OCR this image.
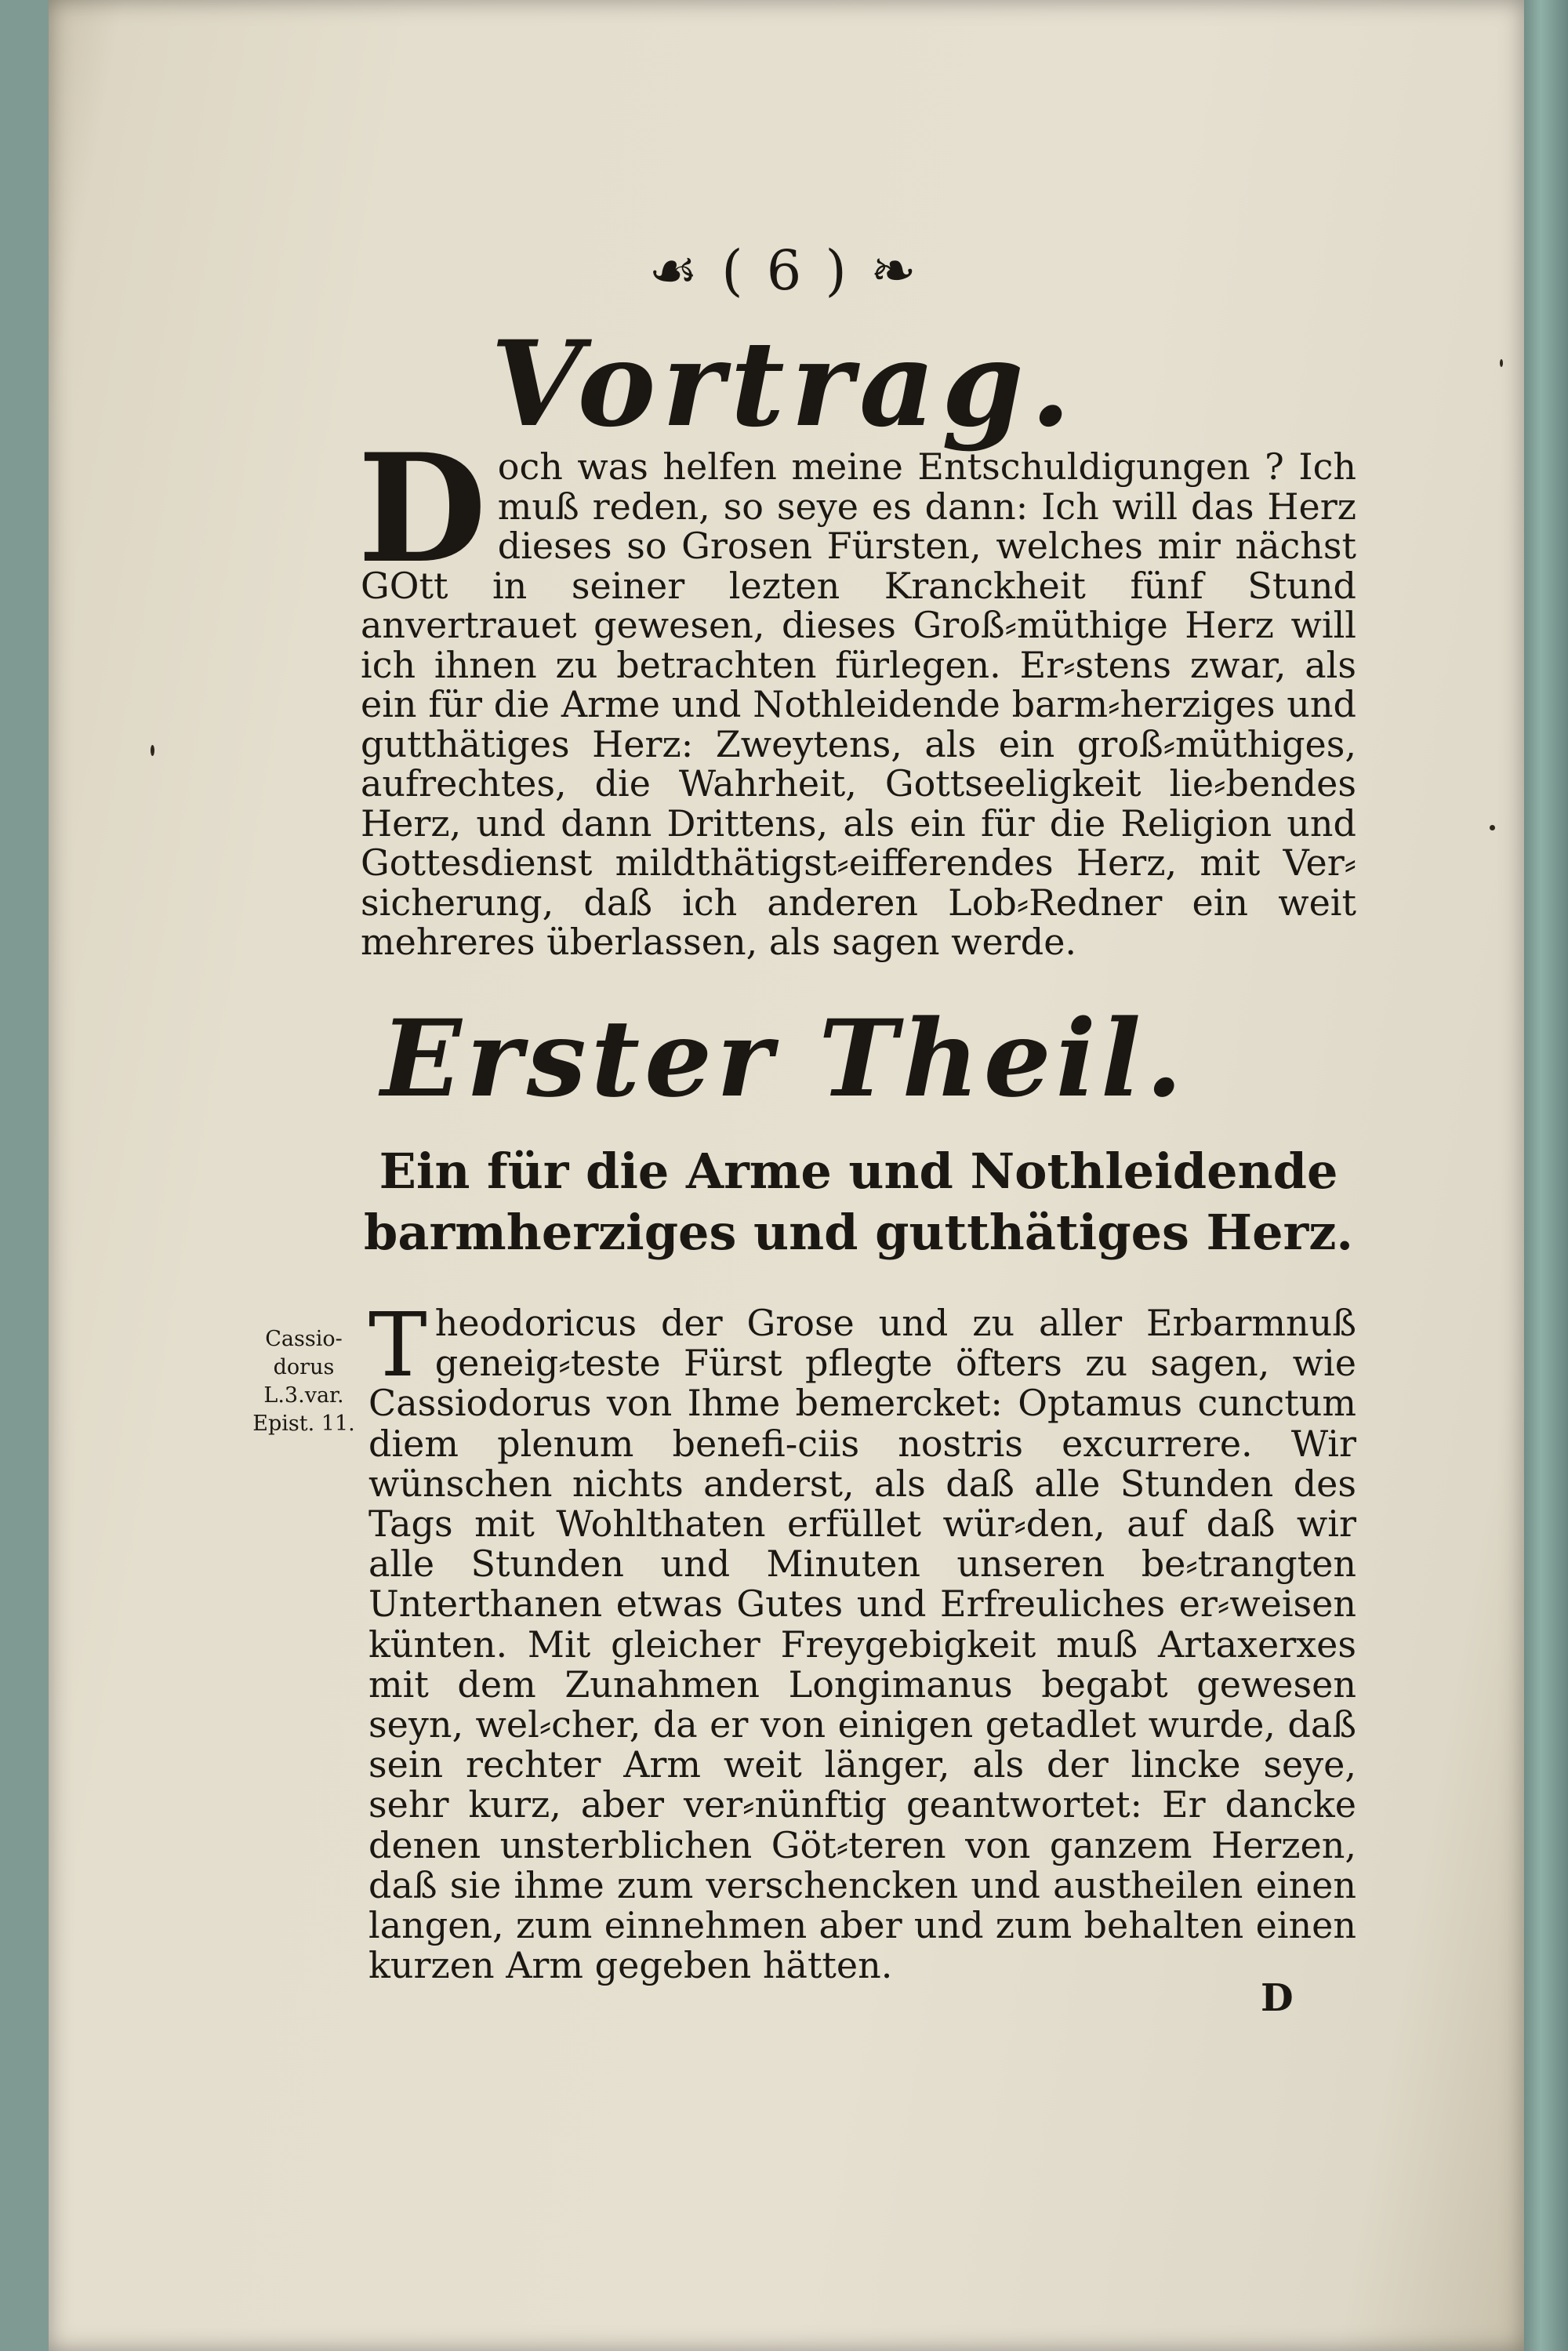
☙ ( 6 ) ❧
Vortrag.
D och was helfen meine Entschuldigungen ? Ich muß reden, so seye es dann: Ich will das Herz dieses so Grosen Fürsten, welches mir nächst GOtt in seiner lezten Kranckheit fünf Stund anvertrauet gewesen, dieses Groß⸗müthige Herz will ich ihnen zu betrachten fürlegen. Er⸗stens zwar, als ein für die Arme und Nothleidende barm⸗herziges und gutthätiges Herz: Zweytens, als ein groß⸗müthiges, aufrechtes, die Wahrheit, Gottseeligkeit lie⸗bendes Herz, und dann Drittens, als ein für die Religion und Gottesdienst mildthätigst⸗eifferendes Herz, mit Ver⸗sicherung, daß ich anderen Lob⸗Redner ein weit mehreres überlassen, als sagen werde.
Erster Theil.
Ein für die Arme und Nothleidende barmherziges und gutthätiges Herz.
Cassio-
dorus
L.3.var.
Epist. 11.
T heodoricus der Grose und zu aller Erbarmnuß geneig⸗teste Fürst pflegte öfters zu sagen, wie Cassiodorus von Ihme bemercket: Optamus cunctum diem plenum benefi-ciis nostris excurrere. Wir wünschen nichts anderst, als daß alle Stunden des Tags mit Wohlthaten erfüllet wür⸗den, auf daß wir alle Stunden und Minuten unseren be⸗trangten Unterthanen etwas Gutes und Erfreuliches er⸗weisen künten. Mit gleicher Freygebigkeit muß Artaxerxes mit dem Zunahmen Longimanus begabt gewesen seyn, wel⸗cher, da er von einigen getadlet wurde, daß sein rechter Arm weit länger, als der lincke seye, sehr kurz, aber ver⸗nünftig geantwortet: Er dancke denen unsterblichen Göt⸗teren von ganzem Herzen, daß sie ihme zum verschencken und austheilen einen langen, zum einnehmen aber und zum behalten einen kurzen Arm gegeben hätten.
D
